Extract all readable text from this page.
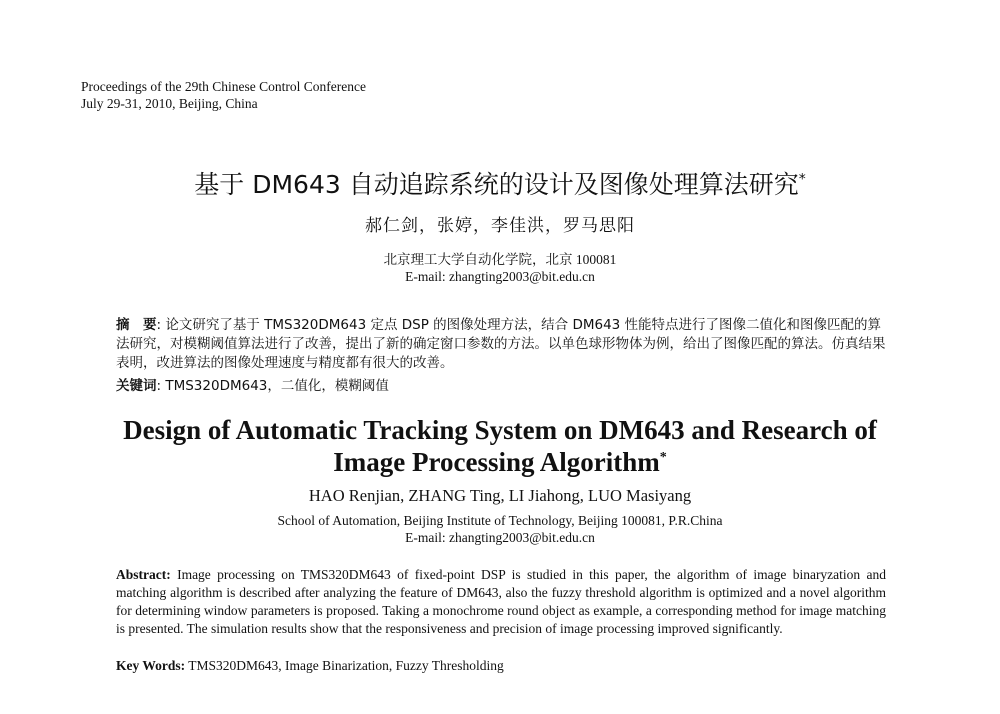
Proceedings of the 29th Chinese Control Conference
July 29-31, 2010, Beijing, China
基于 DM643 自动追踪系统的设计及图像处理算法研究*
郝仁剑，张婷，李佳洪，罗马思阳
北京理工大学自动化学院，北京 100081
E-mail: zhangting2003@bit.edu.cn
摘　要: 论文研究了基于 TMS320DM643 定点 DSP 的图像处理方法，结合 DM643 性能特点进行了图像二值化和图像匹配的算法研究，对模糊阈值算法进行了改善，提出了新的确定窗口参数的方法。以单色球形物体为例，给出了图像匹配的算法。仿真结果表明，改进算法的图像处理速度与精度都有很大的改善。
关键词: TMS320DM643，二值化，模糊阈值
Design of Automatic Tracking System on DM643 and Research of
Image Processing Algorithm*
HAO Renjian, ZHANG Ting, LI Jiahong, LUO Masiyang
School of Automation, Beijing Institute of Technology, Beijing 100081, P.R.China
E-mail: zhangting2003@bit.edu.cn
Abstract: Image processing on TMS320DM643 of fixed-point DSP is studied in this paper, the algorithm of image binaryzation and matching algorithm is described after analyzing the feature of DM643, also the fuzzy threshold algorithm is optimized and a novel algorithm for determining window parameters is proposed. Taking a monochrome round object as example, a corresponding method for image matching is presented. The simulation results show that the responsiveness and precision of image processing improved significantly.
Key Words: TMS320DM643, Image Binarization, Fuzzy Thresholding
